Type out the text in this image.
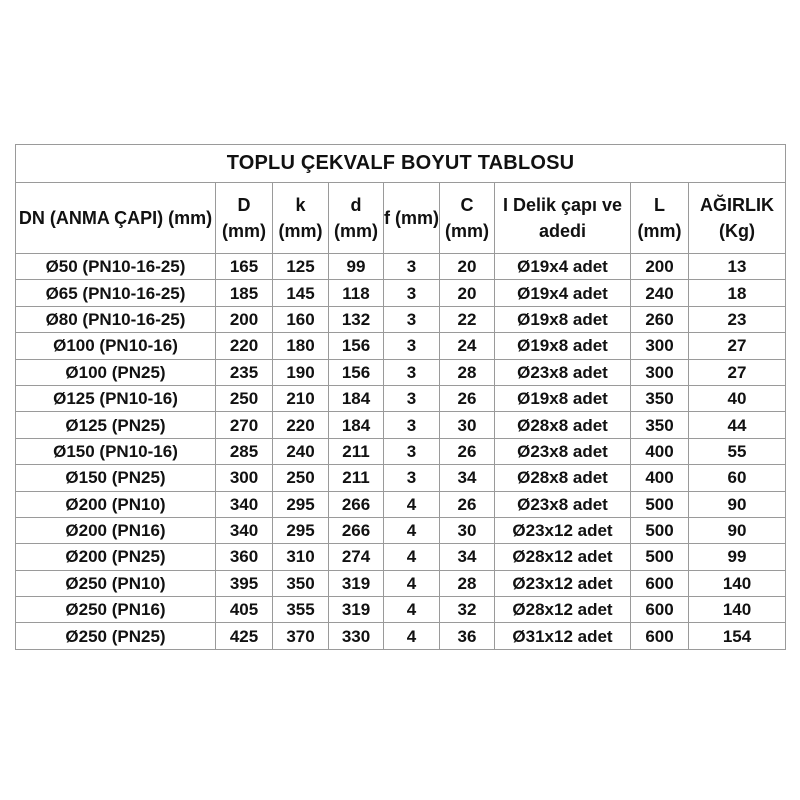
TOPLU ÇEKVALF BOYUT TABLOSU								
DN (ANMA ÇAPI) (mm)	D (mm)	k (mm)	d (mm)	f (mm)	C (mm)	I Delik çapı ve adedi	L (mm)	AĞIRLIK (Kg)
Ø50 (PN10-16-25)	165	125	99	3	20	Ø19x4 adet	200	13
Ø65 (PN10-16-25)	185	145	118	3	20	Ø19x4 adet	240	18
Ø80 (PN10-16-25)	200	160	132	3	22	Ø19x8 adet	260	23
Ø100 (PN10-16)	220	180	156	3	24	Ø19x8 adet	300	27
Ø100 (PN25)	235	190	156	3	28	Ø23x8 adet	300	27
Ø125 (PN10-16)	250	210	184	3	26	Ø19x8 adet	350	40
Ø125 (PN25)	270	220	184	3	30	Ø28x8 adet	350	44
Ø150 (PN10-16)	285	240	211	3	26	Ø23x8 adet	400	55
Ø150 (PN25)	300	250	211	3	34	Ø28x8 adet	400	60
Ø200 (PN10)	340	295	266	4	26	Ø23x8 adet	500	90
Ø200 (PN16)	340	295	266	4	30	Ø23x12 adet	500	90
Ø200 (PN25)	360	310	274	4	34	Ø28x12 adet	500	99
Ø250 (PN10)	395	350	319	4	28	Ø23x12 adet	600	140
Ø250 (PN16)	405	355	319	4	32	Ø28x12 adet	600	140
Ø250 (PN25)	425	370	330	4	36	Ø31x12 adet	600	154
